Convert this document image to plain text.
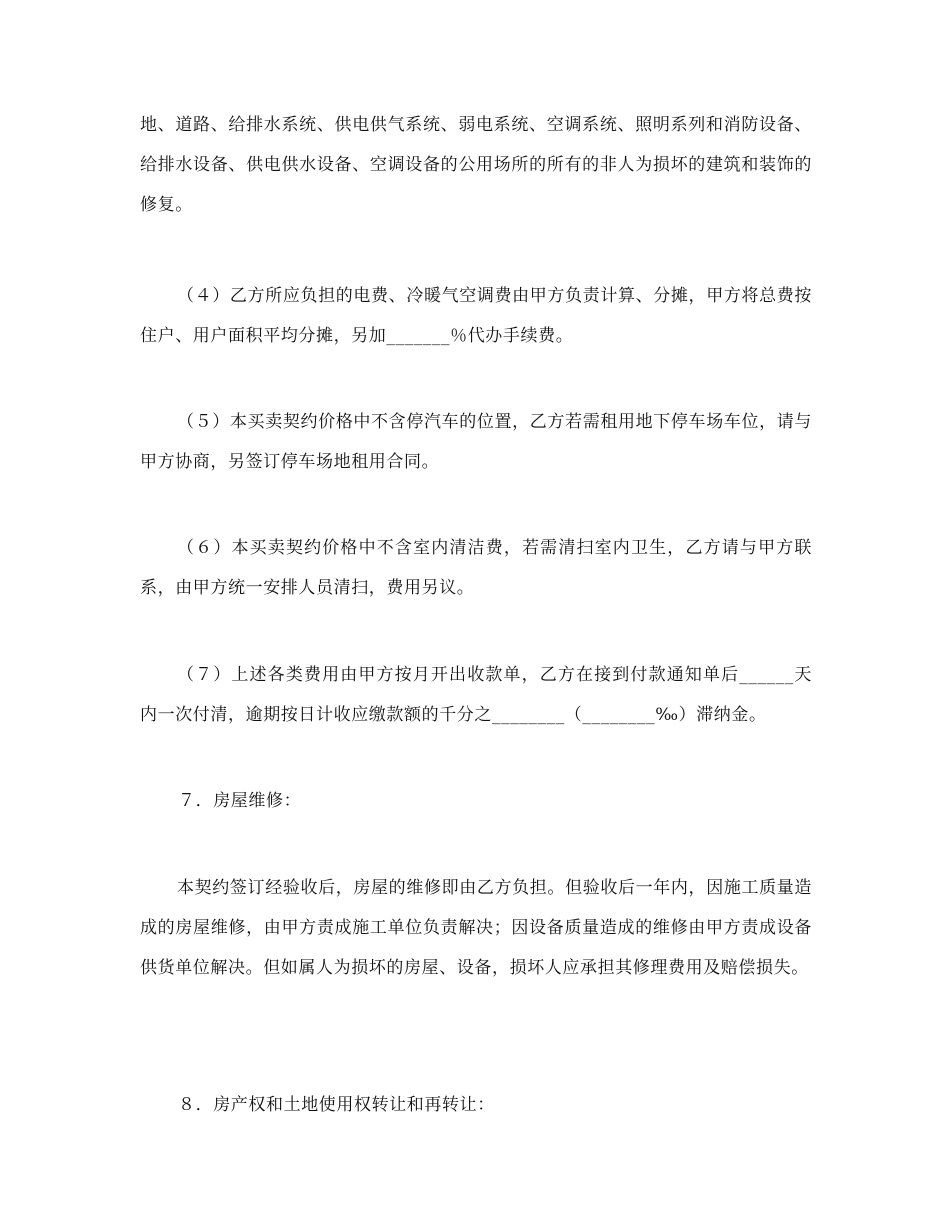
地、道路、给排水系统、供电供气系统、弱电系统、空调系统、照明系列和消防设备、给排水设备、供电供水设备、空调设备的公用场所的所有的非人为损坏的建筑和装饰的修复。

（４）乙方所应负担的电费、冷暖气空调费由甲方负责计算、分摊，甲方将总费按住户、用户面积平均分摊，另加_______％代办手续费。

（５）本买卖契约价格中不含停汽车的位置，乙方若需租用地下停车场车位，请与甲方协商，另签订停车场地租用合同。

（６）本买卖契约价格中不含室内清洁费，若需清扫室内卫生，乙方请与甲方联系，由甲方统一安排人员清扫，费用另议。

（７）上述各类费用由甲方按月开出收款单，乙方在接到付款通知单后______天内一次付清，逾期按日计收应缴款额的千分之________（________‰）滞纳金。

７．房屋维修：

本契约签订经验收后，房屋的维修即由乙方负担。但验收后一年内，因施工质量造成的房屋维修，由甲方责成施工单位负责解决；因设备质量造成的维修由甲方责成设备供货单位解决。但如属人为损坏的房屋、设备，损坏人应承担其修理费用及赔偿损失。

８．房产权和土地使用权转让和再转让：
